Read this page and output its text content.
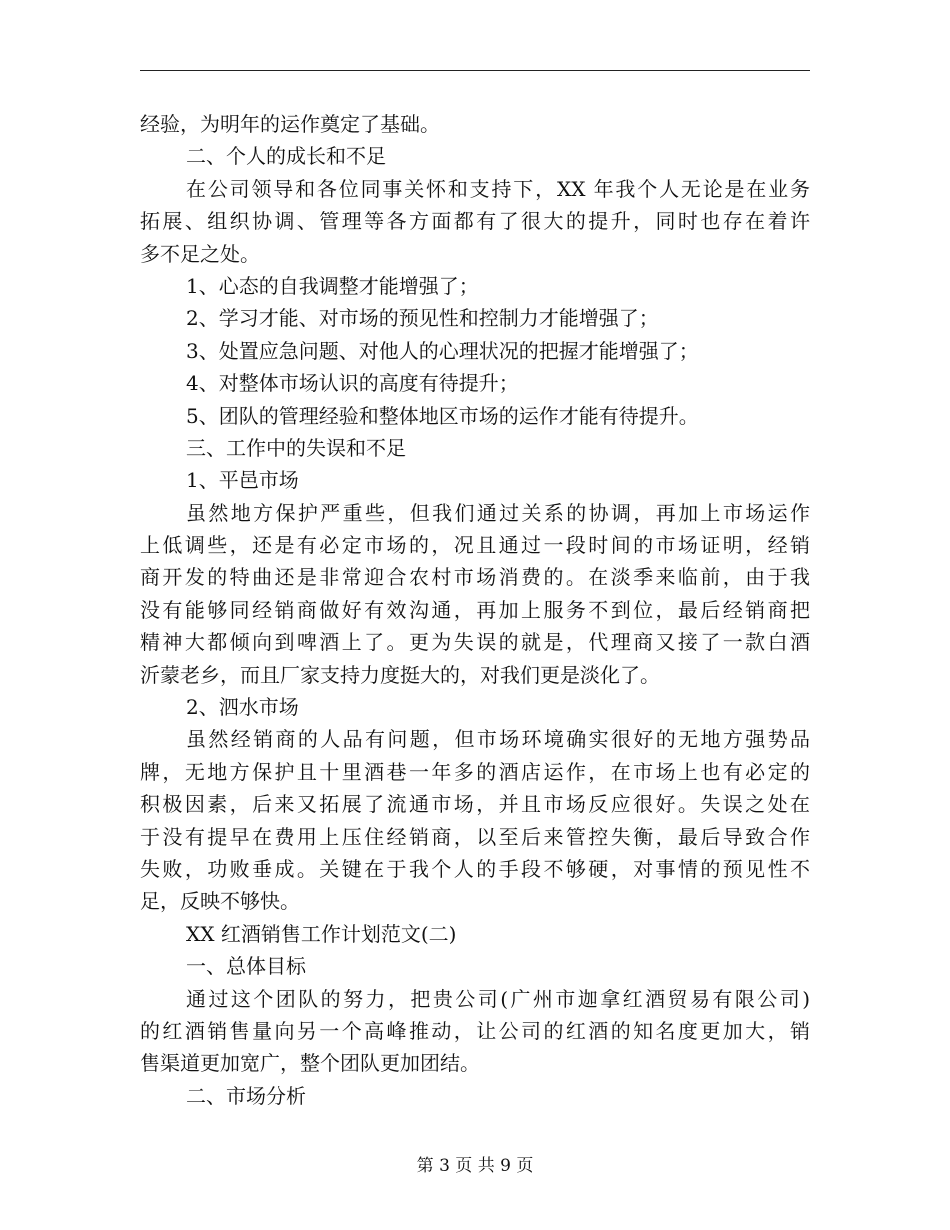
经验，为明年的运作奠定了基础。
二、个人的成长和不足
在公司领导和各位同事关怀和支持下，XX 年我个人无论是在业务
拓展、组织协调、管理等各方面都有了很大的提升，同时也存在着许
多不足之处。
1、心态的自我调整才能增强了；
2、学习才能、对市场的预见性和控制力才能增强了；
3、处置应急问题、对他人的心理状况的把握才能增强了；
4、对整体市场认识的高度有待提升；
5、团队的管理经验和整体地区市场的运作才能有待提升。
三、工作中的失误和不足
1、平邑市场
虽然地方保护严重些，但我们通过关系的协调，再加上市场运作
上低调些，还是有必定市场的，况且通过一段时间的市场证明，经销
商开发的特曲还是非常迎合农村市场消费的。在淡季来临前，由于我
没有能够同经销商做好有效沟通，再加上服务不到位，最后经销商把
精神大都倾向到啤酒上了。更为失误的就是，代理商又接了一款白酒
沂蒙老乡，而且厂家支持力度挺大的，对我们更是淡化了。
2、泗水市场
虽然经销商的人品有问题，但市场环境确实很好的无地方强势品
牌，无地方保护且十里酒巷一年多的酒店运作，在市场上也有必定的
积极因素，后来又拓展了流通市场，并且市场反应很好。失误之处在
于没有提早在费用上压住经销商，以至后来管控失衡，最后导致合作
失败，功败垂成。关键在于我个人的手段不够硬，对事情的预见性不
足，反映不够快。
XX 红酒销售工作计划范文(二)
一、总体目标
通过这个团队的努力，把贵公司(广州市迦拿红酒贸易有限公司)
的红酒销售量向另一个高峰推动，让公司的红酒的知名度更加大，销
售渠道更加宽广，整个团队更加团结。
二、市场分析
第 3 页 共 9 页
